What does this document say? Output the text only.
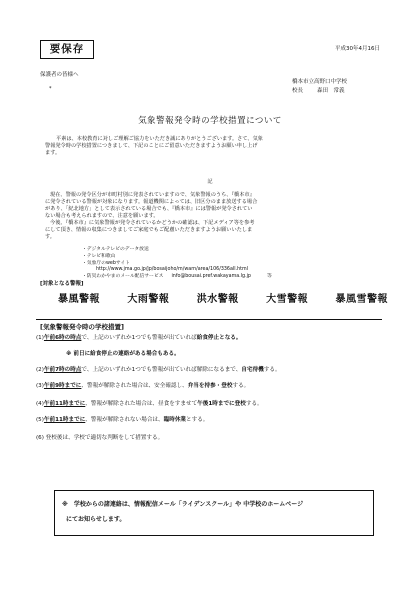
要保存	平成30年4月16日
保護者の皆様へ
*
橋本市立高野口中学校
校長	森田　常義
気象警報発令時の学校措置について
平素は、本校教育に対しご理解ご協力をいただき誠にありがとうございます。さて、気象
警報発令時の学校措置につきまして、下記のことにご留意いただきますようお願い申し上げ
ます。
記
現在、警報の発令区分が市町村別に発表されていますので、気象警報のうち、『橋本市』
に発令されている警報が対象になります。報道機関によっては、旧区分のまま放送する場合
があり、「紀北地方」として表示されている場合でも、『橋本市』には警報が発令されてい
ない場合も考えられますので、注意を願います。
今後、『橋本市』に気象警報が発令されているかどうかの確認は、下記メディア等を参考
にして頂き、情報の収集につきましてご家庭でもご配慮いただきますようお願いいたしま
す。
・デジタルテレビのデータ放送
・テレビ和歌山
・気象庁のwebサイト
http://www.jma.go.jp/jp/bosaijoho/m/warn/area/106/336all.html
・防災わかやまのメール配信サービス info@bousai.pref.wakayama.lg.jp	等
[対象となる警報]
暴風警報	大雨警報	洪水警報	大雪警報	暴風雪警報
[気象警報発令時の学校措置]
(1)午前6時の時点で、上記のいずれか1つでも警報が出ていれば給食停止となる。
※ 前日に給食停止の連絡がある場合もある。
(2)午前7時の時点で、上記のいずれか1つでも警報が出ていれば解除になるまで、自宅待機する。
(3)午前9時までに、警報が解除された場合は、安全確認し、弁当を持参・登校する。
(4)午前11時までに、警報が解除された場合は、昼食をすませて午後1時までに登校する。
(5)午前11時までに、警報が解除されない場合は、臨時休業とする。
(6) 登校後は、学校で適切な判断をして措置する。
※　学校からの諸連絡は、情報配信メール「ライデンスクール」や 中学校のホームページ
にてお知らせします。
